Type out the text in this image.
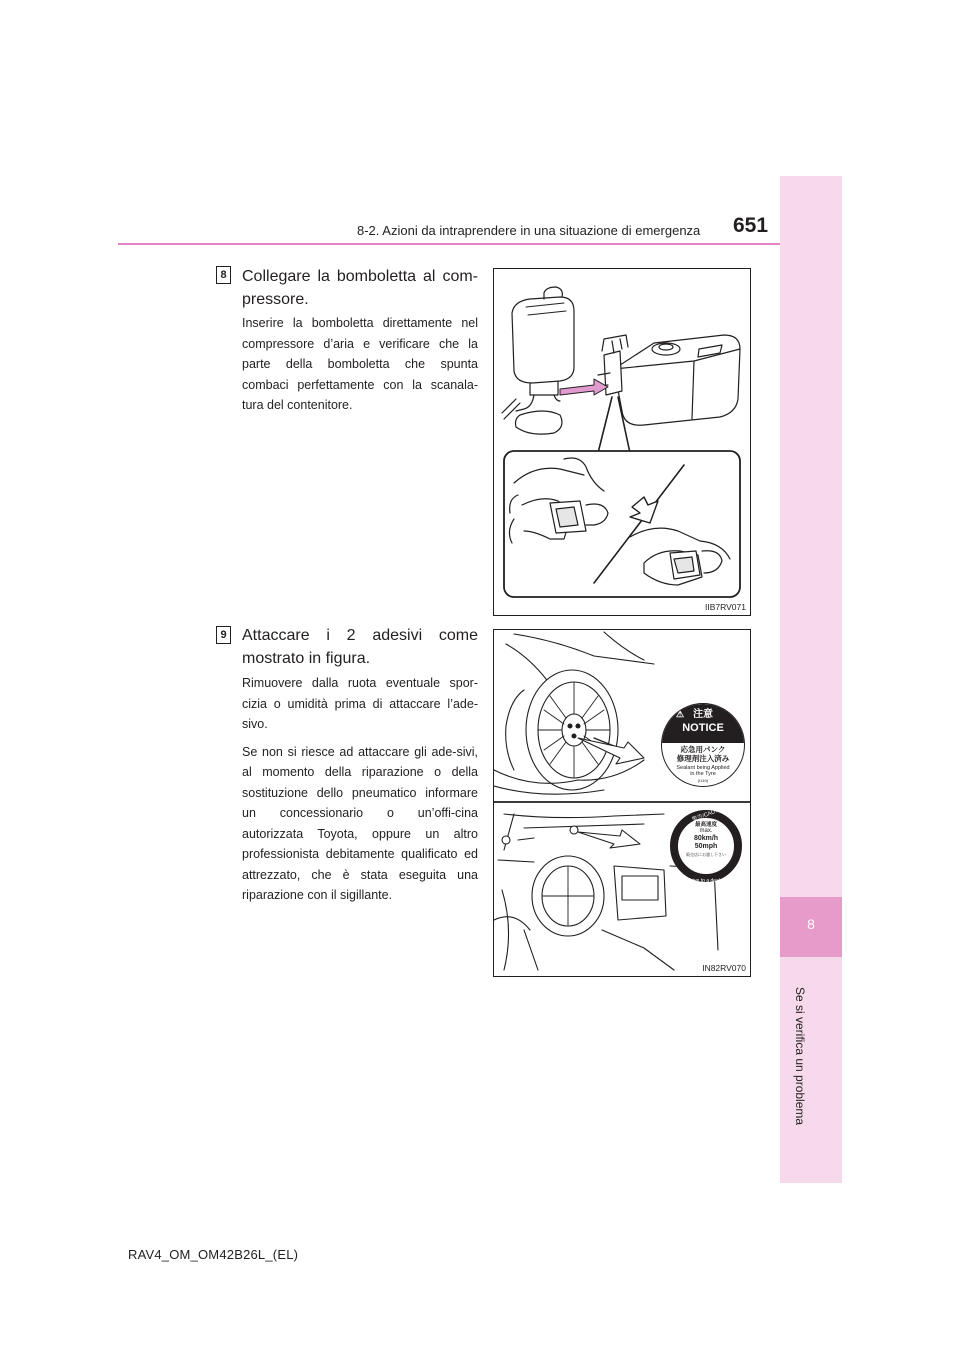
8-2. Azioni da intraprendere in una situazione di emergenza 651
8
Se si verifica un problema
8 Collegare la bomboletta al com-pressore.

Inserire la bomboletta direttamente nel compressore d’aria e verificare che la parte della bomboletta che spunta combaci perfettamente con la scanala-tura del contenitore.

IIB7RV071
9 Attaccare i 2 adesivi come mostrato in figura.

Rimuovere dalla ruota eventuale spor-cizia o umidità prima di attaccare l’ade-sivo.

Se non si riesce ad attaccare gli ade-sivi, al momento della riparazione o della sostituzione dello pneumatico informare un concessionario o un’offi-cina autorizzata Toyota, oppure un altro professionista debitamente qualificato ed attrezzato, che è stata eseguita una riparazione con il sigillante.

注意
⚠
NOTICE
応急用パンク
修理剤注入済み
Sealant being Applied
in the Tyre
(I140)
警告/CAUTION
⚠
最高速度
max.
80km/h
50mph
販売店にお越し下さい
Drive to a dealer
IN82RV070
RAV4_OM_OM42B26L_(EL)
